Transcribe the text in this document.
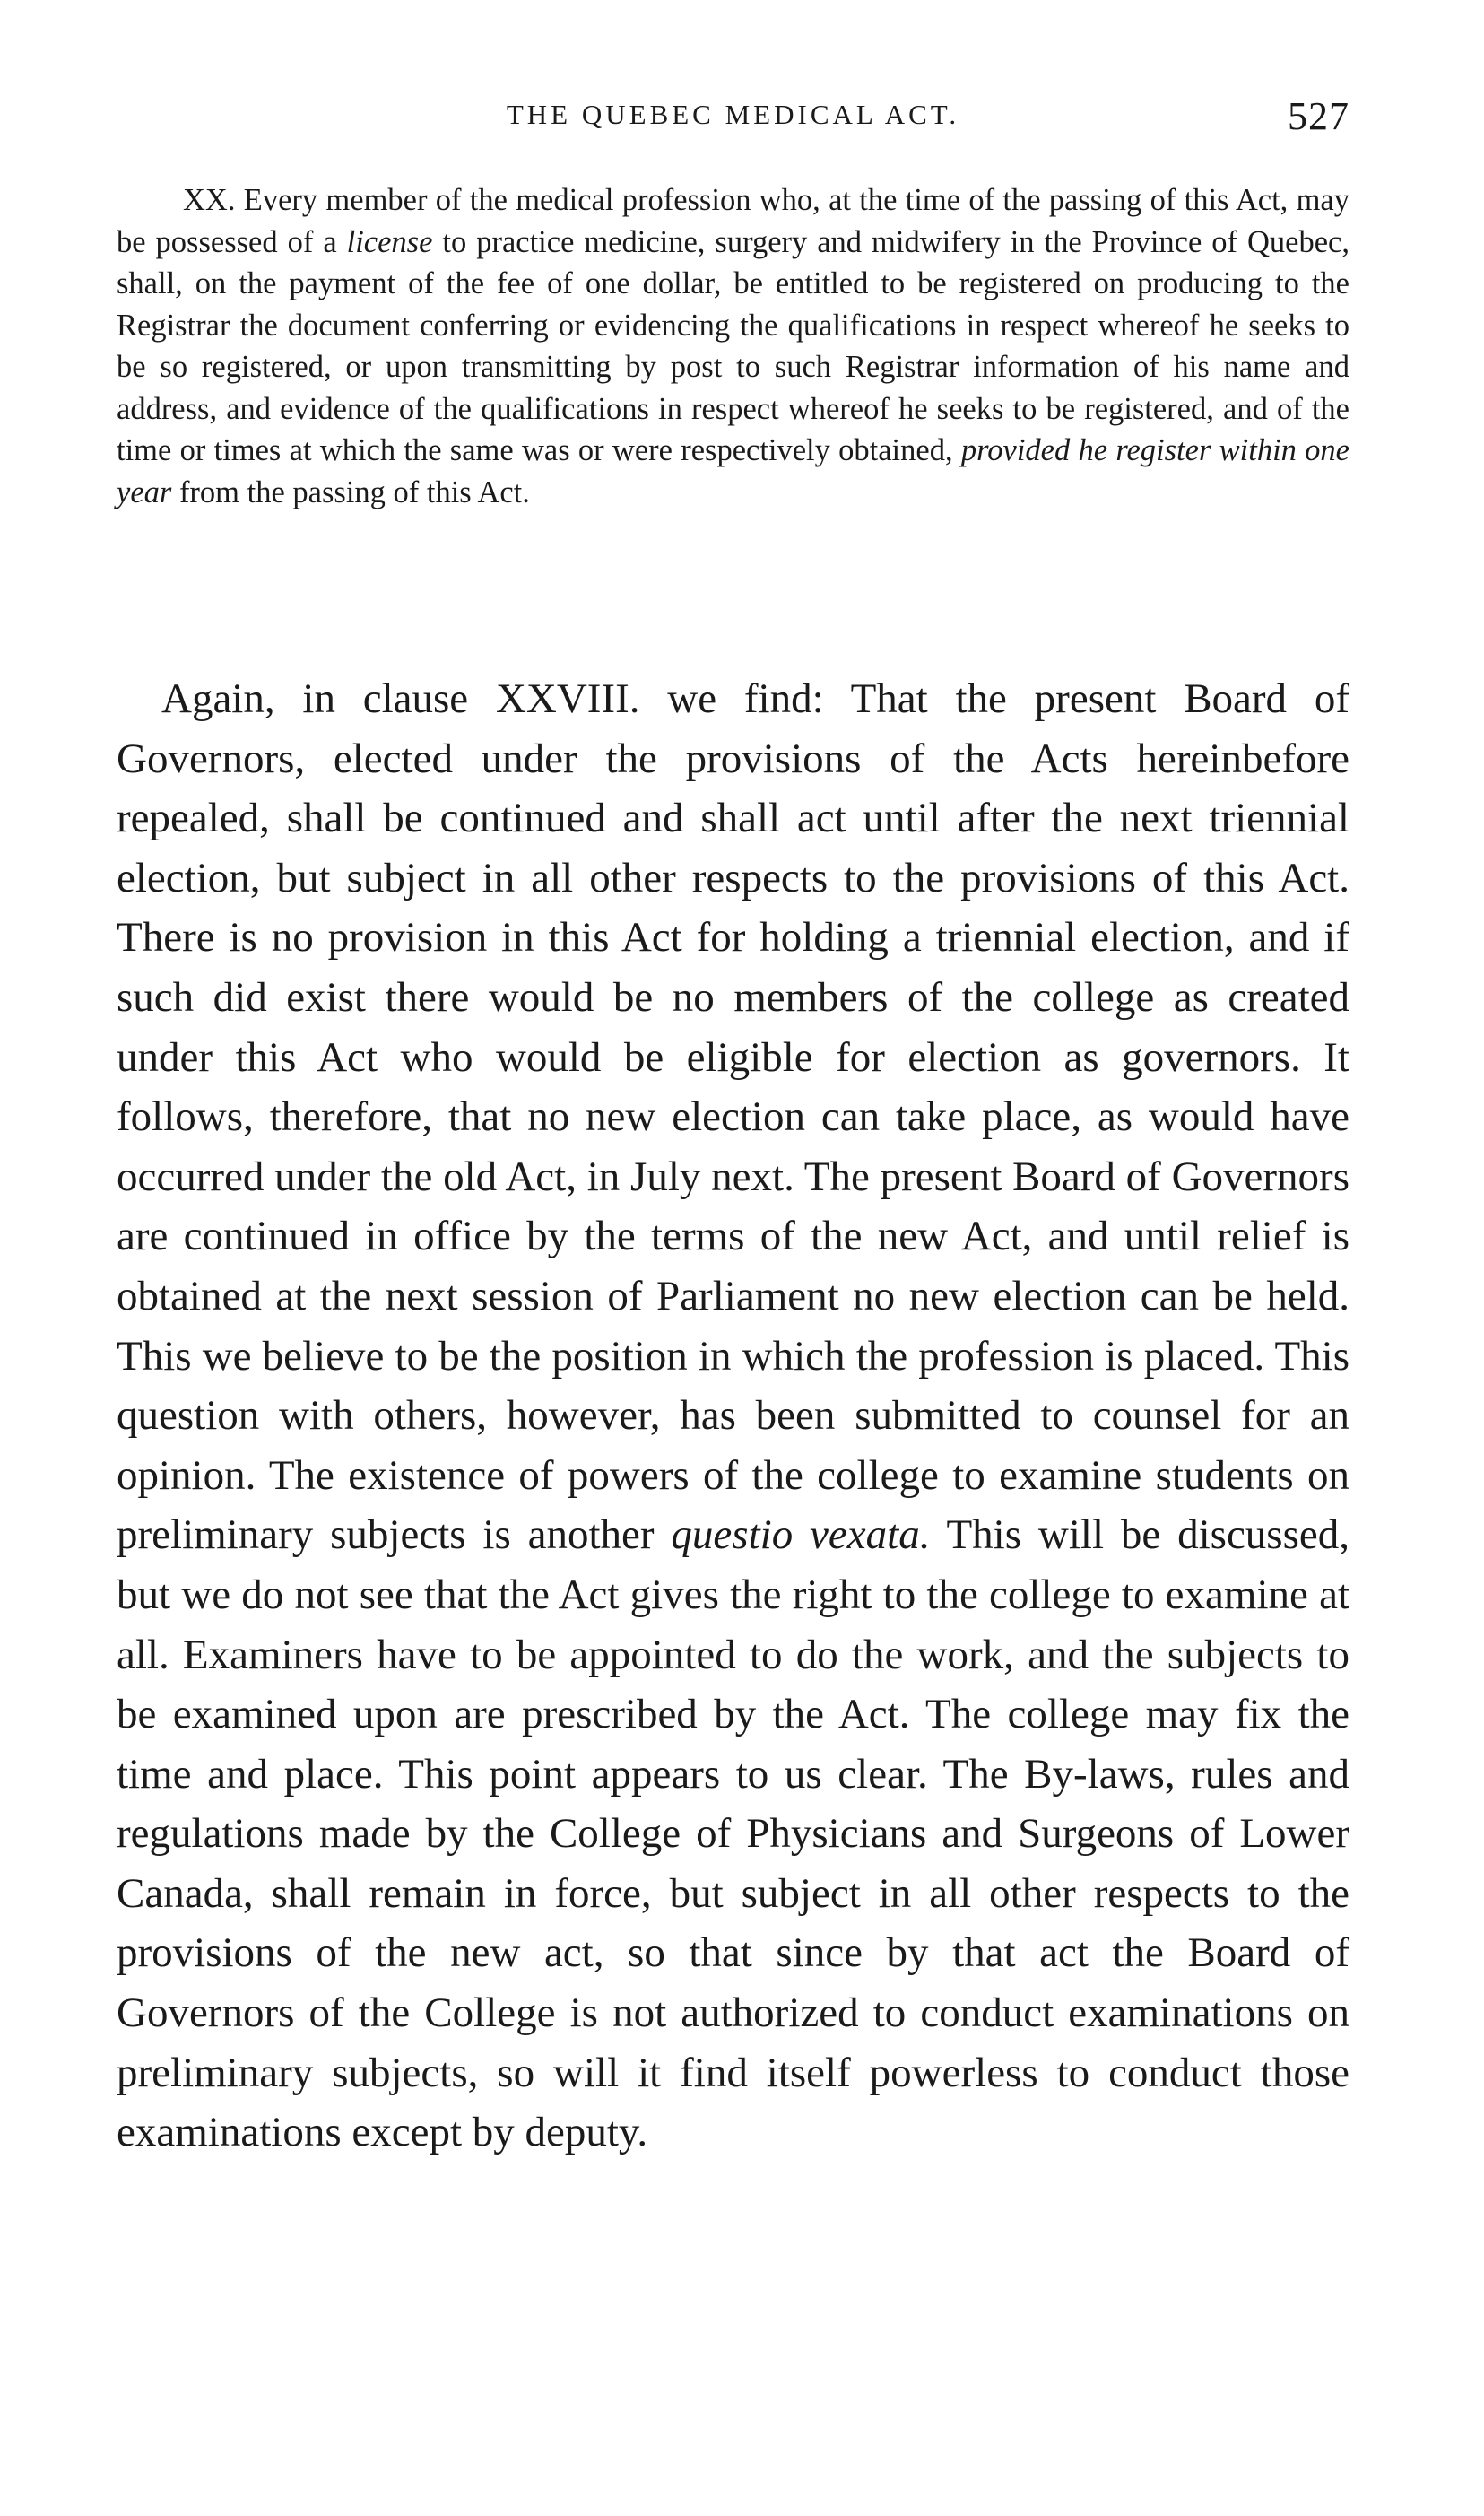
THE QUEBEC MEDICAL ACT.	527

XX. Every member of the medical profession who, at the time of the passing of this Act, may be possessed of a license to practice medicine, surgery and midwifery in the Province of Quebec, shall, on the payment of the fee of one dollar, be entitled to be registered on producing to the Registrar the document conferring or evidencing the qualifications in respect whereof he seeks to be so registered, or upon transmitting by post to such Registrar information of his name and address, and evidence of the qualifications in respect whereof he seeks to be registered, and of the time or times at which the same was or were respectively obtained, provided he register within one year from the passing of this Act.

Again, in clause XXVIII. we find: That the present Board of Governors, elected under the provisions of the Acts hereinbefore repealed, shall be continued and shall act until after the next triennial election, but subject in all other respects to the provisions of this Act. There is no provision in this Act for holding a triennial election, and if such did exist there would be no members of the college as created under this Act who would be eligible for election as governors. It follows, therefore, that no new election can take place, as would have occurred under the old Act, in July next. The present Board of Governors are continued in office by the terms of the new Act, and until relief is obtained at the next session of Parliament no new election can be held. This we believe to be the position in which the profession is placed. This question with others, however, has been submitted to counsel for an opinion. The existence of powers of the college to examine students on preliminary subjects is another questio vexata. This will be discussed, but we do not see that the Act gives the right to the college to examine at all. Examiners have to be appointed to do the work, and the subjects to be examined upon are prescribed by the Act. The college may fix the time and place. This point appears to us clear. The By-laws, rules and regulations made by the College of Physicians and Surgeons of Lower Canada, shall remain in force, but subject in all other respects to the provisions of the new act, so that since by that act the Board of Governors of the College is not authorized to conduct examinations on preliminary subjects, so will it find itself powerless to conduct those examinations except by deputy.
